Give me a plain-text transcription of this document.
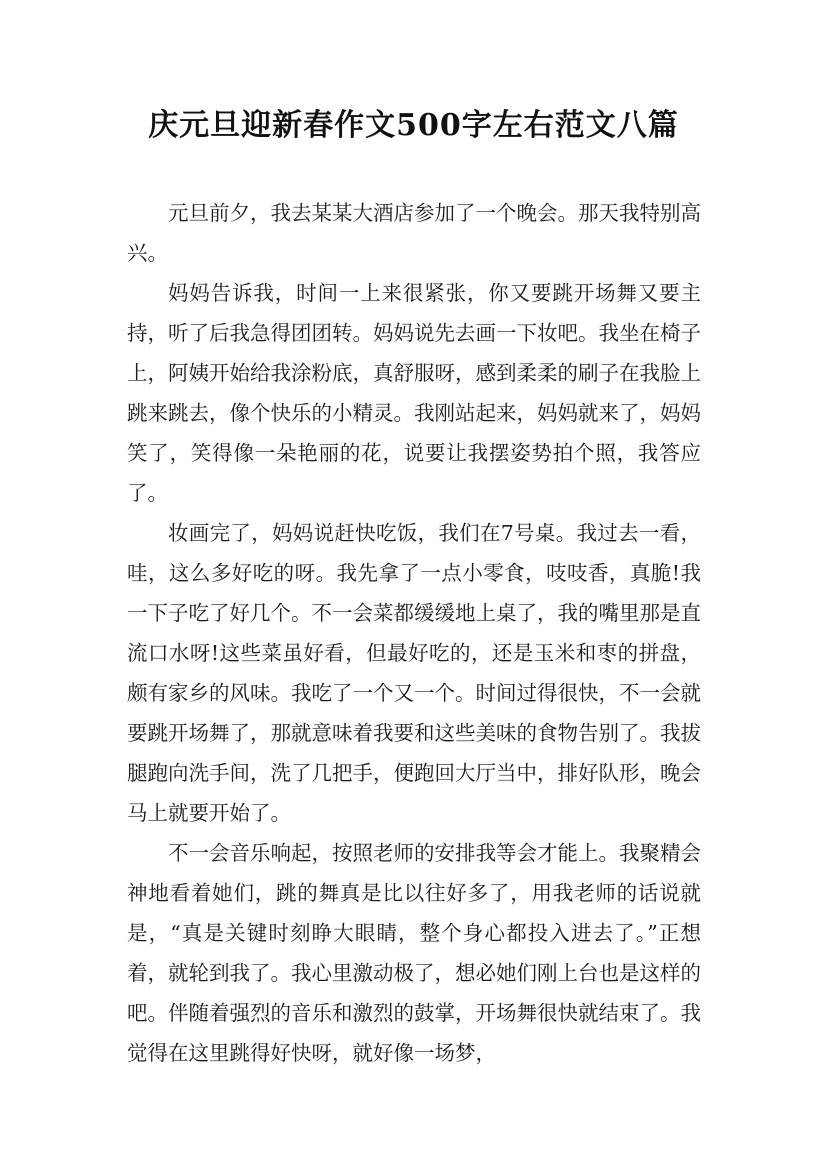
庆元旦迎新春作文500字左右范文八篇

元旦前夕，我去某某大酒店参加了一个晚会。那天我特别高兴。

妈妈告诉我，时间一上来很紧张，你又要跳开场舞又要主持，听了后我急得团团转。妈妈说先去画一下妆吧。我坐在椅子上，阿姨开始给我涂粉底，真舒服呀，感到柔柔的刷子在我脸上跳来跳去，像个快乐的小精灵。我刚站起来，妈妈就来了，妈妈笑了，笑得像一朵艳丽的花，说要让我摆姿势拍个照，我答应了。

妆画完了，妈妈说赶快吃饭，我们在7号桌。我过去一看，哇，这么多好吃的呀。我先拿了一点小零食，吱吱香，真脆!我一下子吃了好几个。不一会菜都缓缓地上桌了，我的嘴里那是直流口水呀!这些菜虽好看，但最好吃的，还是玉米和枣的拼盘，颇有家乡的风味。我吃了一个又一个。时间过得很快，不一会就要跳开场舞了，那就意味着我要和这些美味的食物告别了。我拔腿跑向洗手间，洗了几把手，便跑回大厅当中，排好队形，晚会马上就要开始了。

不一会音乐响起，按照老师的安排我等会才能上。我聚精会神地看着她们，跳的舞真是比以往好多了，用我老师的话说就是，“真是关键时刻睁大眼睛，整个身心都投入进去了。”正想着，就轮到我了。我心里激动极了，想必她们刚上台也是这样的吧。伴随着强烈的音乐和激烈的鼓掌，开场舞很快就结束了。我觉得在这里跳得好快呀，就好像一场梦，
